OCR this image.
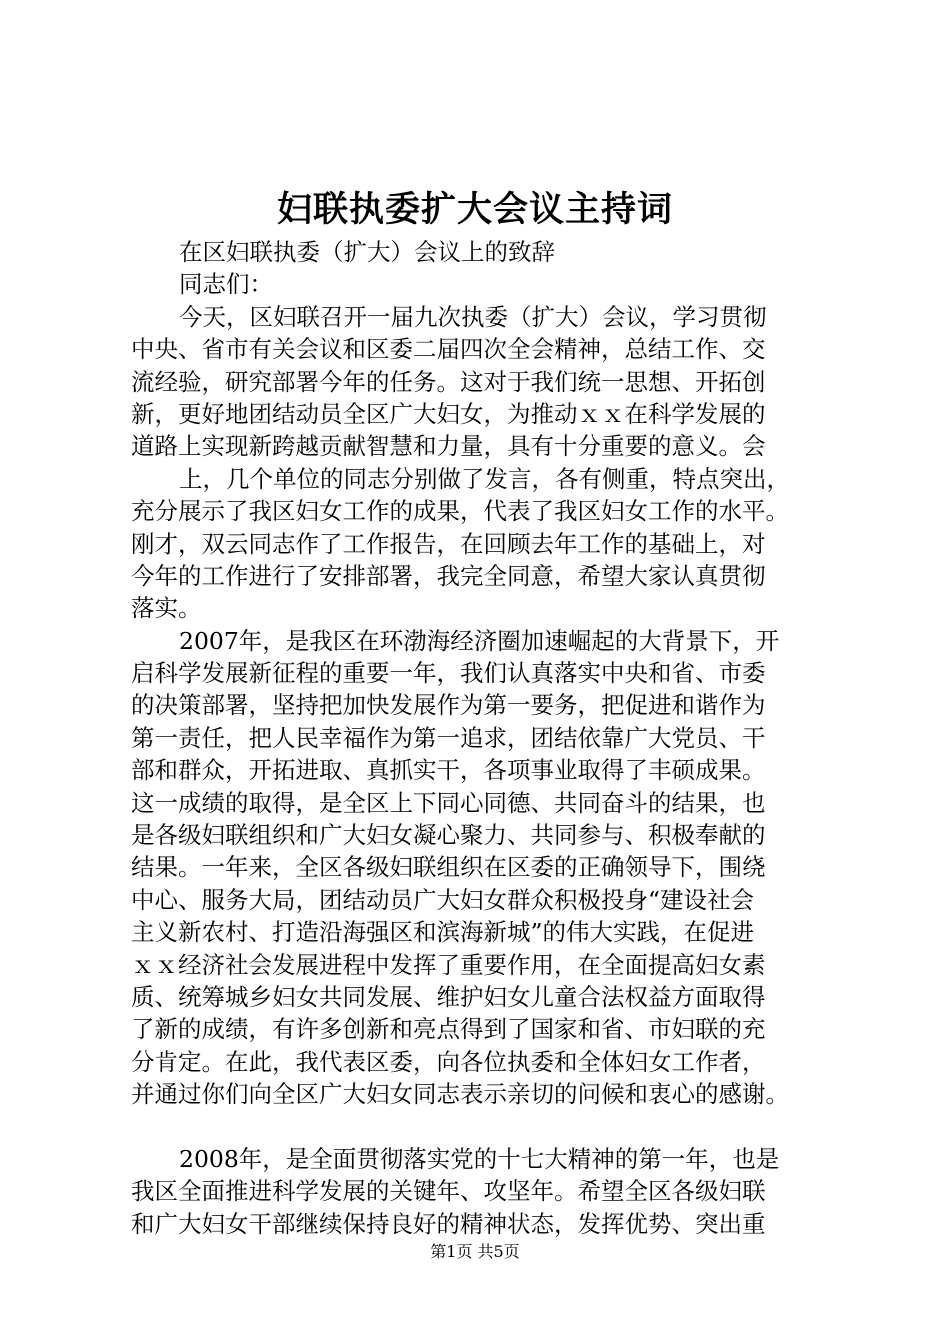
妇联执委扩大会议主持词
在区妇联执委（扩大）会议上的致辞
同志们：
今天，区妇联召开一届九次执委（扩大）会议，学习贯彻
中央、省市有关会议和区委二届四次全会精神，总结工作、交
流经验，研究部署今年的任务。这对于我们统一思想、开拓创
新，更好地团结动员全区广大妇女，为推动ｘｘ在科学发展的
道路上实现新跨越贡献智慧和力量，具有十分重要的意义。会
上，几个单位的同志分别做了发言，各有侧重，特点突出，
充分展示了我区妇女工作的成果，代表了我区妇女工作的水平。
刚才，双云同志作了工作报告，在回顾去年工作的基础上，对
今年的工作进行了安排部署，我完全同意，希望大家认真贯彻
落实。
2007年，是我区在环渤海经济圈加速崛起的大背景下，开
启科学发展新征程的重要一年，我们认真落实中央和省、市委
的决策部署，坚持把加快发展作为第一要务，把促进和谐作为
第一责任，把人民幸福作为第一追求，团结依靠广大党员、干
部和群众，开拓进取、真抓实干，各项事业取得了丰硕成果。
这一成绩的取得，是全区上下同心同德、共同奋斗的结果，也
是各级妇联组织和广大妇女凝心聚力、共同参与、积极奉献的
结果。一年来，全区各级妇联组织在区委的正确领导下，围绕
中心、服务大局，团结动员广大妇女群众积极投身“建设社会
主义新农村、打造沿海强区和滨海新城”的伟大实践，在促进
ｘｘ经济社会发展进程中发挥了重要作用，在全面提高妇女素
质、统筹城乡妇女共同发展、维护妇女儿童合法权益方面取得
了新的成绩，有许多创新和亮点得到了国家和省、市妇联的充
分肯定。在此，我代表区委，向各位执委和全体妇女工作者，
并通过你们向全区广大妇女同志表示亲切的问候和衷心的感谢。
2008年，是全面贯彻落实党的十七大精神的第一年，也是
我区全面推进科学发展的关键年、攻坚年。希望全区各级妇联
和广大妇女干部继续保持良好的精神状态，发挥优势、突出重
第1页 共5页
